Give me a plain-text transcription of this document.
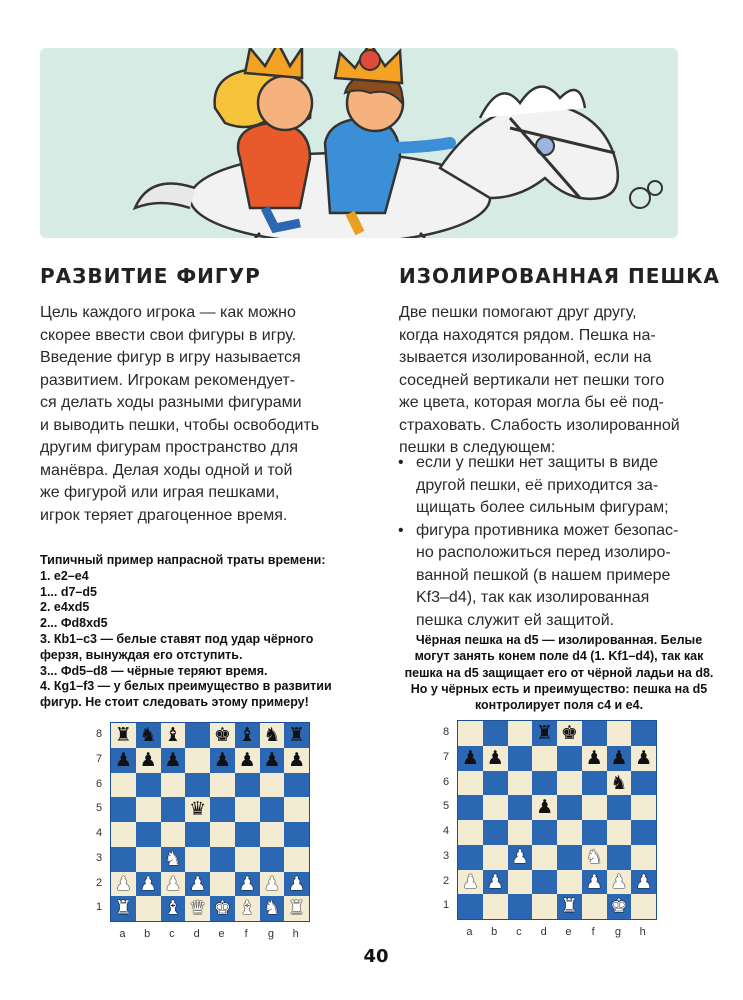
РАЗВИТИЕ ФИГУР
Цель каждого игрока — как можно
скорее ввести свои фигуры в игру.
Введение фигур в игру называется
развитием. Игрокам рекомендует-
ся делать ходы разными фигурами
и выводить пешки, чтобы освободить
другим фигурам пространство для
манёвра. Делая ходы одной и той
же фигурой или играя пешками,
игрок теряет драгоценное время.
Типичный пример напрасной траты времени:
1. e2–e4
1... d7–d5
2. e4xd5
2... Фd8xd5
3. Кb1–c3 — белые ставят под удар чёрного
ферзя, вынуждая его отступить.
3... Фd5–d8 — чёрные теряют время.
4. Кg1–f3 — у белых преимущество в развитии
фигур. Не стоит следовать этому примеру!
ИЗОЛИРОВАННАЯ ПЕШКА
Две пешки помогают друг другу,
когда находятся рядом. Пешка на-
зывается изолированной, если на
соседней вертикали нет пешки того
же цвета, которая могла бы её под-
страховать. Слабость изолированной
пешки в следующем:
• если у пешки нет защиты в виде
другой пешки, её приходится за-
щищать более сильным фигурам;
• фигура противника может безопас-
но расположиться перед изолиро-
ванной пешкой (в нашем примере
Kf3–d4), так как изолированная
пешка служит ей защитой.
Чёрная пешка на d5 — изолированная. Белые могут занять конем поле d4 (1. Kf1–d4), так как пешка на d5 защищает его от чёрной ладьи на d8. Но у чёрных есть и преимущество: пешка на d5 контролирует поля c4 и e4.
♜ ♞ ♝ ♚ ♝ ♞ ♜
♟ ♟ ♟ ♟ ♟ ♟ ♟
♛
♞
♟ ♟ ♟ ♟ ♟ ♟ ♟
♜ ♝ ♛ ♚ ♝ ♞ ♜
♜ ♚
♟ ♟	♟ ♟ ♟
♞
♟
♟	♞
♟ ♟	♟ ♟ ♟
♜ ♚
8
7
6
5
4
3
2
1
a	b	c	d	e	f	g	h
8
7
6
5
4
3
2
1
a	b	c	d	e	f	g	h
40
